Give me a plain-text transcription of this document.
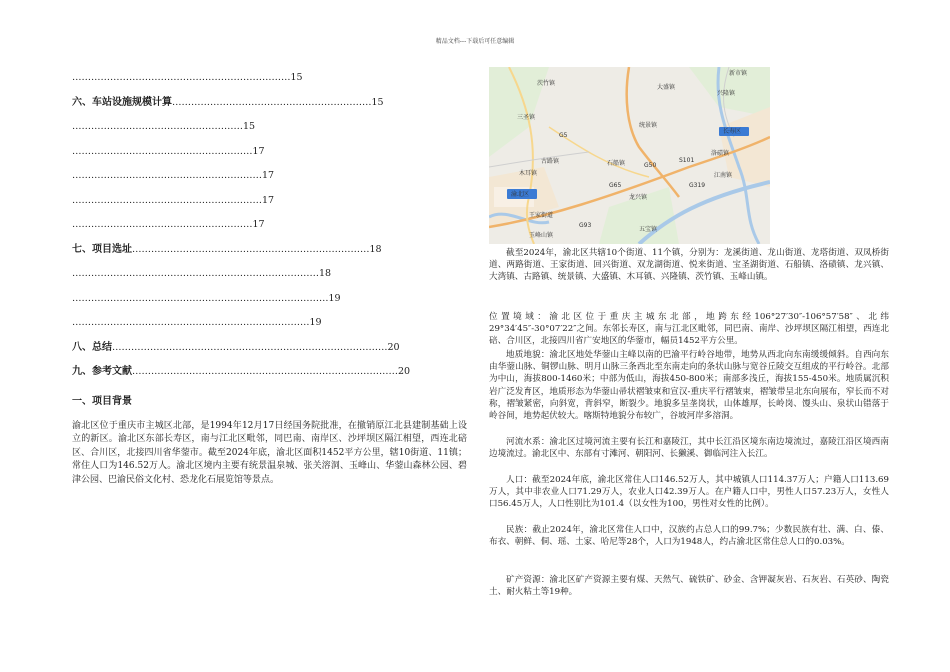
精品文档---下载后可任意编辑
……………………………………………………………15
六、车站设施规模计算………………………………………………………15
………………………………………………15
…………………………………………………17
……………………………………………………17
……………………………………………………17
…………………………………………………17
七、项目选址…………………………………………………………………18
……………………………………………………………………18
………………………………………………………………………19
…………………………………………………………………19
八、总结……………………………………………………………………………20
九、参考文献…………………………………………………………………………20
一、项目背景
渝北区位于重庆市主城区北部，是1994年12月17日经国务院批准，在撤销原江北县建制基础上设立的新区。渝北区东部长寿区，南与江北区毗邻，同巴南、南岸区、沙坪坝区隔江相望，西连北碚区、合川区，北接四川省华蓥市。截至2024年底，渝北区面积1452平方公里，辖10街道、11镇；常住人口为146.52万人。渝北区境内主要有统景温泉城、张关溶洞、玉峰山、华蓥山森林公园、碧津公园、巴渝民俗文化村、恐龙化石展览馆等景点。
茨竹镇
大盛镇
兴隆镇
三圣镇
统景镇
洛碛镇
石船镇
古路镇
木耳镇
渝北区
王家街道
龙兴镇
长寿区
新市镇
江南镇
玉峰山镇
五宝镇
G65
G50
G93
S101
G5
G319
截至2024年，渝北区共辖10个街道、11个镇，分别为：龙溪街道、龙山街道、龙塔街道、双凤桥街道、两路街道、王家街道、回兴街道、双龙湖街道、悦来街道、宝圣湖街道、石船镇、洛碛镇、龙兴镇、大湾镇、古路镇、统景镇、大盛镇、木耳镇、兴隆镇、茨竹镇、玉峰山镇。
位置境域：渝北区位于重庆主城东北部，地跨东经106°27′30″-106°57′58″、北纬29°34′45″-30°07′22″之间。东邻长寿区，南与江北区毗邻，同巴南、南岸、沙坪坝区隔江相望，西连北碚、合川区，北接四川省广安地区的华蓥市，幅员1452平方公里。
地质地貌：渝北区地处华蓥山主峰以南的巴渝平行岭谷地带，地势从西北向东南缓缓倾斜。自西向东由华蓥山脉、铜锣山脉、明月山脉三条西北至东南走向的条状山脉与宽谷丘陵交互组成的平行岭谷。北部为中山，海拔800-1460米；中部为低山，海拔450-800米；南部多浅丘，海拔155-450米。地质属沉积岩广泛发育区，地质形态为华蓥山帚状褶皱束和宣汉-重庆平行褶皱束，褶皱带呈北东向展布，窄长而不对称，褶皱紧密，向斜宽，背斜窄，断裂少。地貌多呈垄岗状，山体雄厚，长岭岗、馒头山、泉状山错落于岭谷间，地势起伏较大。喀斯特地貌分布较广，谷坡河岸多溶洞。
河流水系：渝北区过境河流主要有长江和嘉陵江，其中长江沿区境东南边境流过，嘉陵江沿区境西南边境流过。渝北区中、东部有寸滩河、朝阳河、长獭溪、御临河注入长江。
人口：截至2024年底，渝北区常住人口146.52万人，其中城镇人口114.37万人；户籍人口113.69万人，其中非农业人口71.29万人，农业人口42.39万人。在户籍人口中，男性人口57.23万人，女性人口56.45万人，人口性别比为101.4（以女性为100，男性对女性的比例）。
民族：截止2024年，渝北区常住人口中，汉族约占总人口的99.7%；少数民族有壮、满、白、傣、布衣、朝鲜、侗、瑶、土家、哈尼等28个，人口为1948人，约占渝北区常住总人口的0.03%。
矿产资源：渝北区矿产资源主要有煤、天然气、硫铁矿、砂金、含钾凝灰岩、石灰岩、石英砂、陶瓷土、耐火粘土等19种。
